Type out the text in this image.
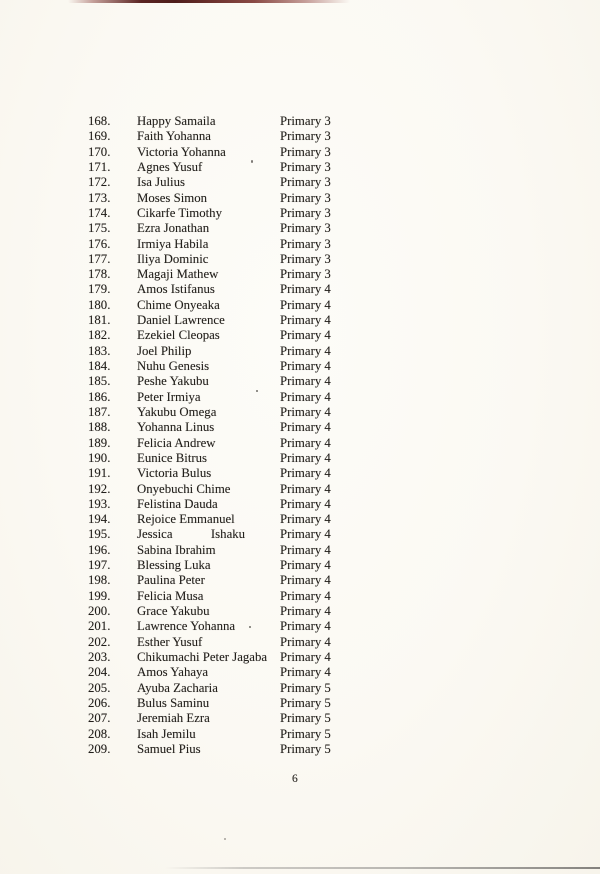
168.	Happy Samaila	Primary 3
169.	Faith Yohanna	Primary 3
170.	Victoria Yohanna	Primary 3
171.	Agnes Yusuf	Primary 3
172.	Isa Julius	Primary 3
173.	Moses Simon	Primary 3
174.	Cikarfe Timothy	Primary 3
175.	Ezra Jonathan	Primary 3
176.	Irmiya Habila	Primary 3
177.	Iliya Dominic	Primary 3
178.	Magaji Mathew	Primary 3
179.	Amos Istifanus	Primary 4
180.	Chime Onyeaka	Primary 4
181.	Daniel Lawrence	Primary 4
182.	Ezekiel Cleopas	Primary 4
183.	Joel Philip	Primary 4
184.	Nuhu Genesis	Primary 4
185.	Peshe Yakubu	Primary 4
186.	Peter Irmiya	Primary 4
187.	Yakubu Omega	Primary 4
188.	Yohanna Linus	Primary 4
189.	Felicia Andrew	Primary 4
190.	Eunice Bitrus	Primary 4
191.	Victoria Bulus	Primary 4
192.	Onyebuchi Chime	Primary 4
193.	Felistina Dauda	Primary 4
194.	Rejoice Emmanuel	Primary 4
195.	Jessica            Ishaku	Primary 4
196.	Sabina Ibrahim	Primary 4
197.	Blessing Luka	Primary 4
198.	Paulina Peter	Primary 4
199.	Felicia Musa	Primary 4
200.	Grace Yakubu	Primary 4
201.	Lawrence Yohanna	Primary 4
202.	Esther Yusuf	Primary 4
203.	Chikumachi Peter Jagaba	Primary 4
204.	Amos Yahaya	Primary 4
205.	Ayuba Zacharia	Primary 5
206.	Bulus Saminu	Primary 5
207.	Jeremiah Ezra	Primary 5
208.	Isah Jemilu	Primary 5
209.	Samuel Pius	Primary 5
6
